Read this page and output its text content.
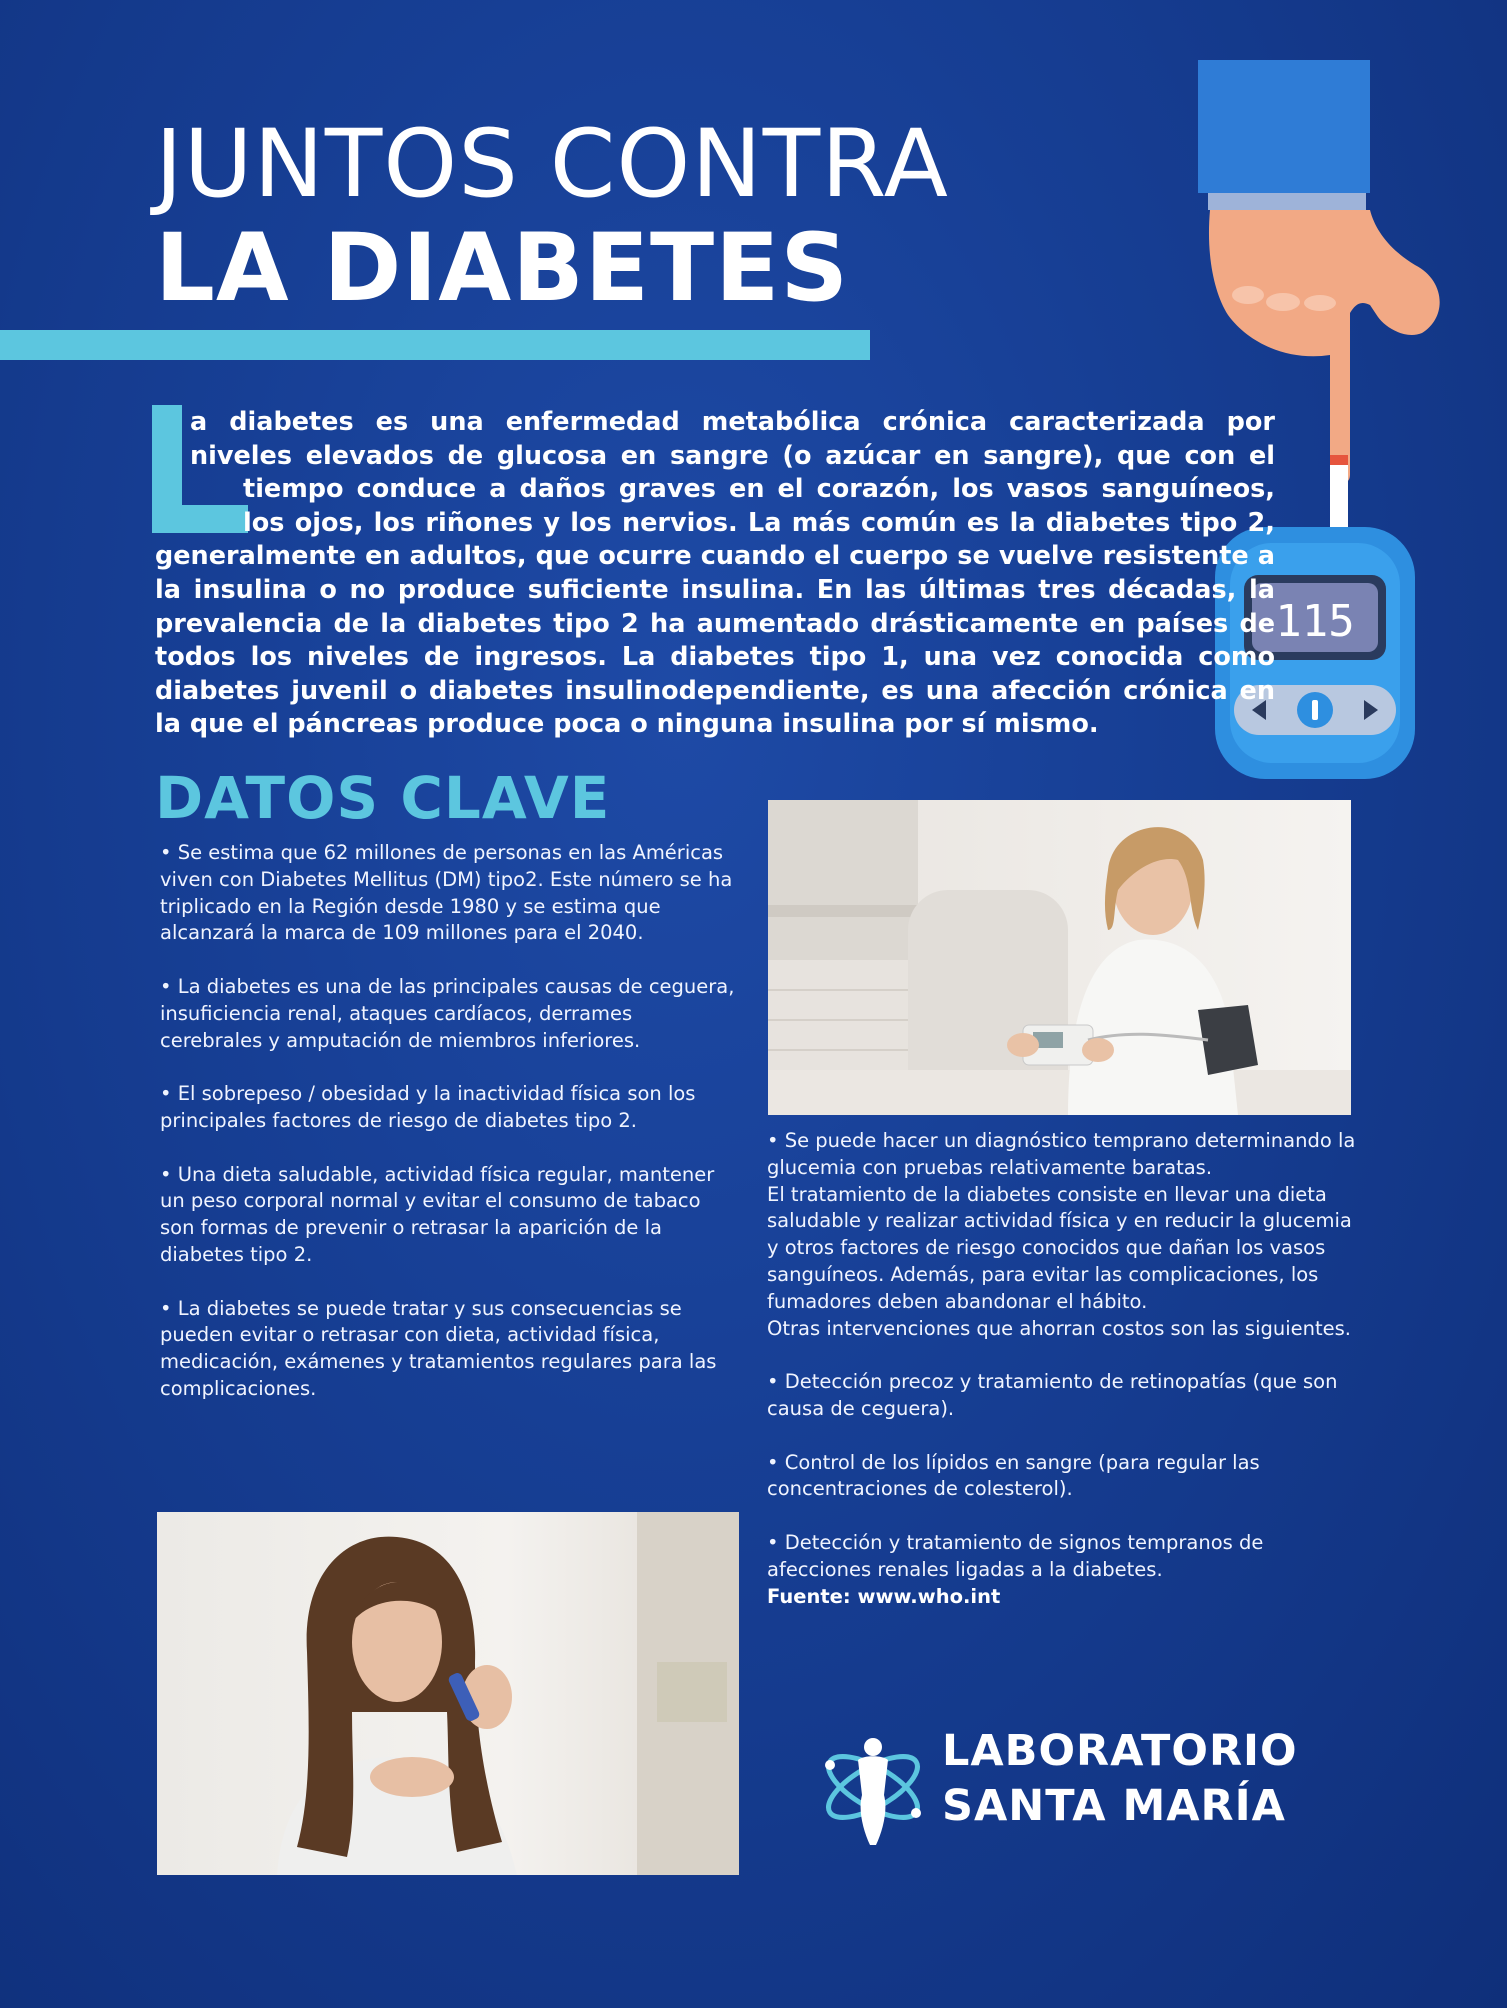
JUNTOS CONTRA
LA DIABETES
115
a diabetes es una enfermedad metabólica crónica caracterizada por niveles elevados de glucosa en sangre (o azúcar en sangre), que con el tiempo conduce a daños graves en el corazón, los vasos sanguíneos, los ojos, los riñones y los nervios. La más común es la diabetes tipo 2, generalmente en adultos, que ocurre cuando el cuerpo se vuelve resistente a la insulina o no produce suficiente insulina. En las últimas tres décadas, la prevalencia de la diabetes tipo 2 ha aumentado drásticamente en países de todos los niveles de ingresos. La diabetes tipo 1, una vez conocida como diabetes juvenil o diabetes insulinodependiente, es una afección crónica en la que el páncreas produce poca o ninguna insulina por sí mismo.
DATOS CLAVE

• Se estima que 62 millones de personas en las Américas viven con Diabetes Mellitus (DM) tipo2. Este número se ha triplicado en la Región desde 1980 y se estima que alcanzará la marca de 109 millones para el 2040.

• La diabetes es una de las principales causas de ceguera, insuficiencia renal, ataques cardíacos, derrames cerebrales y amputación de miembros inferiores.

• El sobrepeso / obesidad y la inactividad física son los principales factores de riesgo de diabetes tipo 2.

• Una dieta saludable, actividad física regular, mantener un peso corporal normal y evitar el consumo de tabaco son formas de prevenir o retrasar la aparición de la diabetes tipo 2.

• La diabetes se puede tratar y sus consecuencias se pueden evitar o retrasar con dieta, actividad física, medicación, exámenes y tratamientos regulares para las complicaciones.

• Se puede hacer un diagnóstico temprano determinando la glucemia con pruebas relativamente baratas.

El tratamiento de la diabetes consiste en llevar una dieta saludable y realizar actividad física y en reducir la glucemia y otros factores de riesgo conocidos que dañan los vasos sanguíneos. Además, para evitar las complicaciones, los fumadores deben abandonar el hábito.

Otras intervenciones que ahorran costos son las siguientes.

• Detección precoz y tratamiento de retinopatías (que son causa de ceguera).

• Control de los lípidos en sangre (para regular las concentraciones de colesterol).

• Detección y tratamiento de signos tempranos de afecciones renales ligadas a la diabetes.

Fuente: www.who.int

LABORATORIO
SANTA MARÍA
